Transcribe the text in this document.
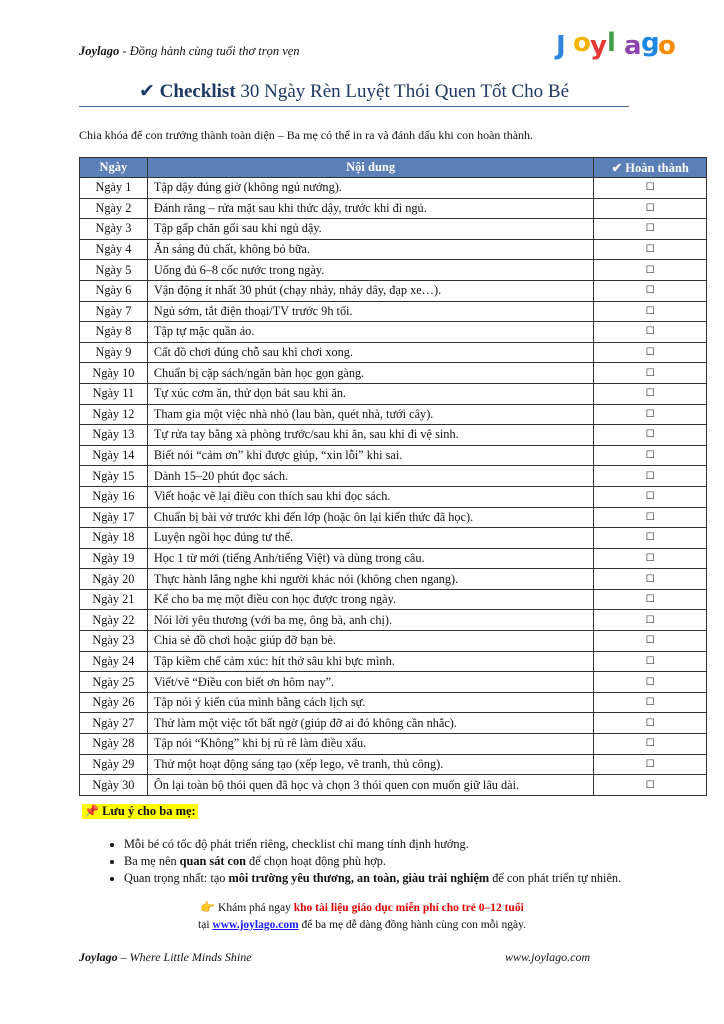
Joylago - Đồng hành cùng tuổi thơ trọn vẹn	J o y l a g
o
✔ Checklist 30 Ngày Rèn Luyệt Thói Quen Tốt Cho Bé
Chia khóa để con trưởng thành toàn diện – Ba mẹ có thể in ra và đánh dấu khi con hoàn thành.
Ngày	Nội dung	✔ Hoàn thành
Ngày 1	Tập dậy đúng giờ (không ngủ nướng).	☐
Ngày 2	Đánh răng – rửa mặt sau khi thức dậy, trước khi đi ngủ.	☐
Ngày 3	Tập gấp chăn gối sau khi ngủ dậy.	☐
Ngày 4	Ăn sáng đủ chất, không bỏ bữa.	☐
Ngày 5	Uống đủ 6–8 cốc nước trong ngày.	☐
Ngày 6	Vận động ít nhất 30 phút (chạy nhảy, nhảy dây, đạp xe…).	☐
Ngày 7	Ngủ sớm, tắt điện thoại/TV trước 9h tối.	☐
Ngày 8	Tập tự mặc quần áo.	☐
Ngày 9	Cất đồ chơi đúng chỗ sau khi chơi xong.	☐
Ngày 10	Chuẩn bị cặp sách/ngăn bàn học gọn gàng.	☐
Ngày 11	Tự xúc cơm ăn, thử dọn bát sau khi ăn.	☐
Ngày 12	Tham gia một việc nhà nhỏ (lau bàn, quét nhà, tưới cây).	☐
Ngày 13	Tự rửa tay bằng xà phòng trước/sau khi ăn, sau khi đi vệ sinh.	☐
Ngày 14	Biết nói “cảm ơn” khi được giúp, “xin lỗi” khi sai.	☐
Ngày 15	Dành 15–20 phút đọc sách.	☐
Ngày 16	Viết hoặc vẽ lại điều con thích sau khi đọc sách.	☐
Ngày 17	Chuẩn bị bài vở trước khi đến lớp (hoặc ôn lại kiến thức đã học).	☐
Ngày 18	Luyện ngồi học đúng tư thế.	☐
Ngày 19	Học 1 từ mới (tiếng Anh/tiếng Việt) và dùng trong câu.	☐
Ngày 20	Thực hành lắng nghe khi người khác nói (không chen ngang).	☐
Ngày 21	Kể cho ba mẹ một điều con học được trong ngày.	☐
Ngày 22	Nói lời yêu thương (với ba mẹ, ông bà, anh chị).	☐
Ngày 23	Chia sẻ đồ chơi hoặc giúp đỡ bạn bè.	☐
Ngày 24	Tập kiềm chế cảm xúc: hít thở sâu khi bực mình.	☐
Ngày 25	Viết/vẽ “Điều con biết ơn hôm nay”.	☐
Ngày 26	Tập nói ý kiến của mình bằng cách lịch sự.	☐
Ngày 27	Thử làm một việc tốt bất ngờ (giúp đỡ ai đó không cần nhắc).	☐
Ngày 28	Tập nói “Không” khi bị rủ rê làm điều xấu.	☐
Ngày 29	Thử một hoạt động sáng tạo (xếp lego, vẽ tranh, thủ công).	☐
Ngày 30	Ôn lại toàn bộ thói quen đã học và chọn 3 thói quen con muốn giữ lâu dài.	☐
📌 Lưu ý cho ba mẹ:
• Mỗi bé có tốc độ phát triển riêng, checklist chỉ mang tính định hướng.
• Ba mẹ nên quan sát con để chọn hoạt động phù hợp.
• Quan trọng nhất: tạo môi trường yêu thương, an toàn, giàu trải nghiệm để con phát triển tự nhiên.
👉 Khám phá ngay kho tài liệu giáo dục miễn phí cho trẻ 0–12 tuổi
tại www.joylago.com để ba mẹ dễ dàng đồng hành cùng con mỗi ngày.
Joylago – Where Little Minds Shine	www.joylago.com
